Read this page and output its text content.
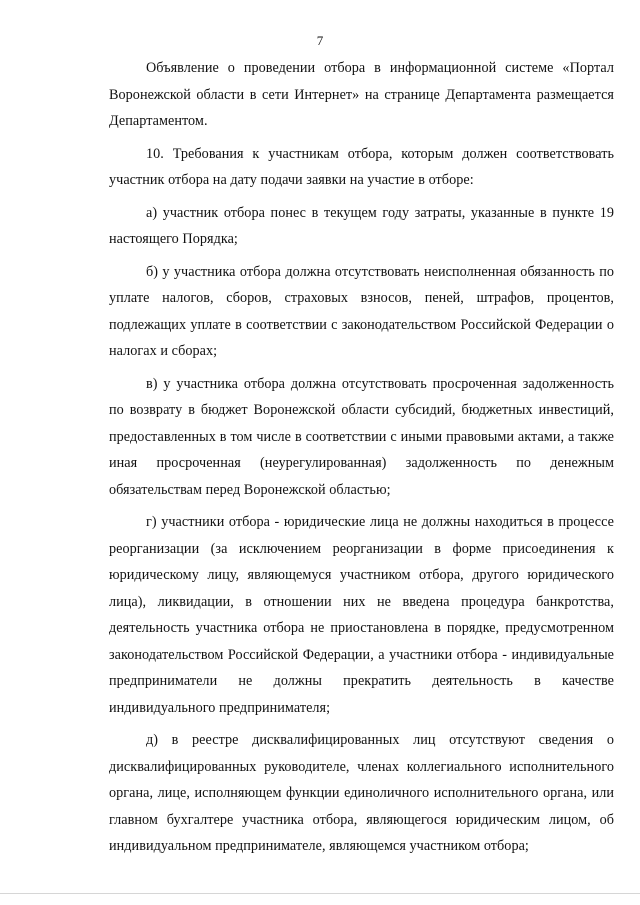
7

Объявление о проведении отбора в информационной системе «Портал Воронежской области в сети Интернет» на странице Департамента размещается Департаментом.

10. Требования к участникам отбора, которым должен соответствовать участник отбора на дату подачи заявки на участие в отборе:

а) участник отбора понес в текущем году затраты, указанные в пункте 19 настоящего Порядка;

б) у участника отбора должна отсутствовать неисполненная обязанность по уплате налогов, сборов, страховых взносов, пеней, штрафов, процентов, подлежащих уплате в соответствии с законодательством Российской Федерации о налогах и сборах;

в) у участника отбора должна отсутствовать просроченная задолженность по возврату в бюджет Воронежской области субсидий, бюджетных инвестиций, предоставленных в том числе в соответствии с иными правовыми актами, а также иная просроченная (неурегулированная) задолженность по денежным обязательствам перед Воронежской областью;

г) участники отбора - юридические лица не должны находиться в процессе реорганизации (за исключением реорганизации в форме присоединения к юридическому лицу, являющемуся участником отбора, другого юридического лица), ликвидации, в отношении них не введена процедура банкротства, деятельность участника отбора не приостановлена в порядке, предусмотренном законодательством Российской Федерации, а участники отбора - индивидуальные предприниматели не должны прекратить деятельность в качестве индивидуального предпринимателя;

д) в реестре дисквалифицированных лиц отсутствуют сведения о дисквалифицированных руководителе, членах коллегиального исполнительного органа, лице, исполняющем функции единоличного исполнительного органа, или главном бухгалтере участника отбора, являющегося юридическим лицом, об индивидуальном предпринимателе, являющемся участником отбора;
